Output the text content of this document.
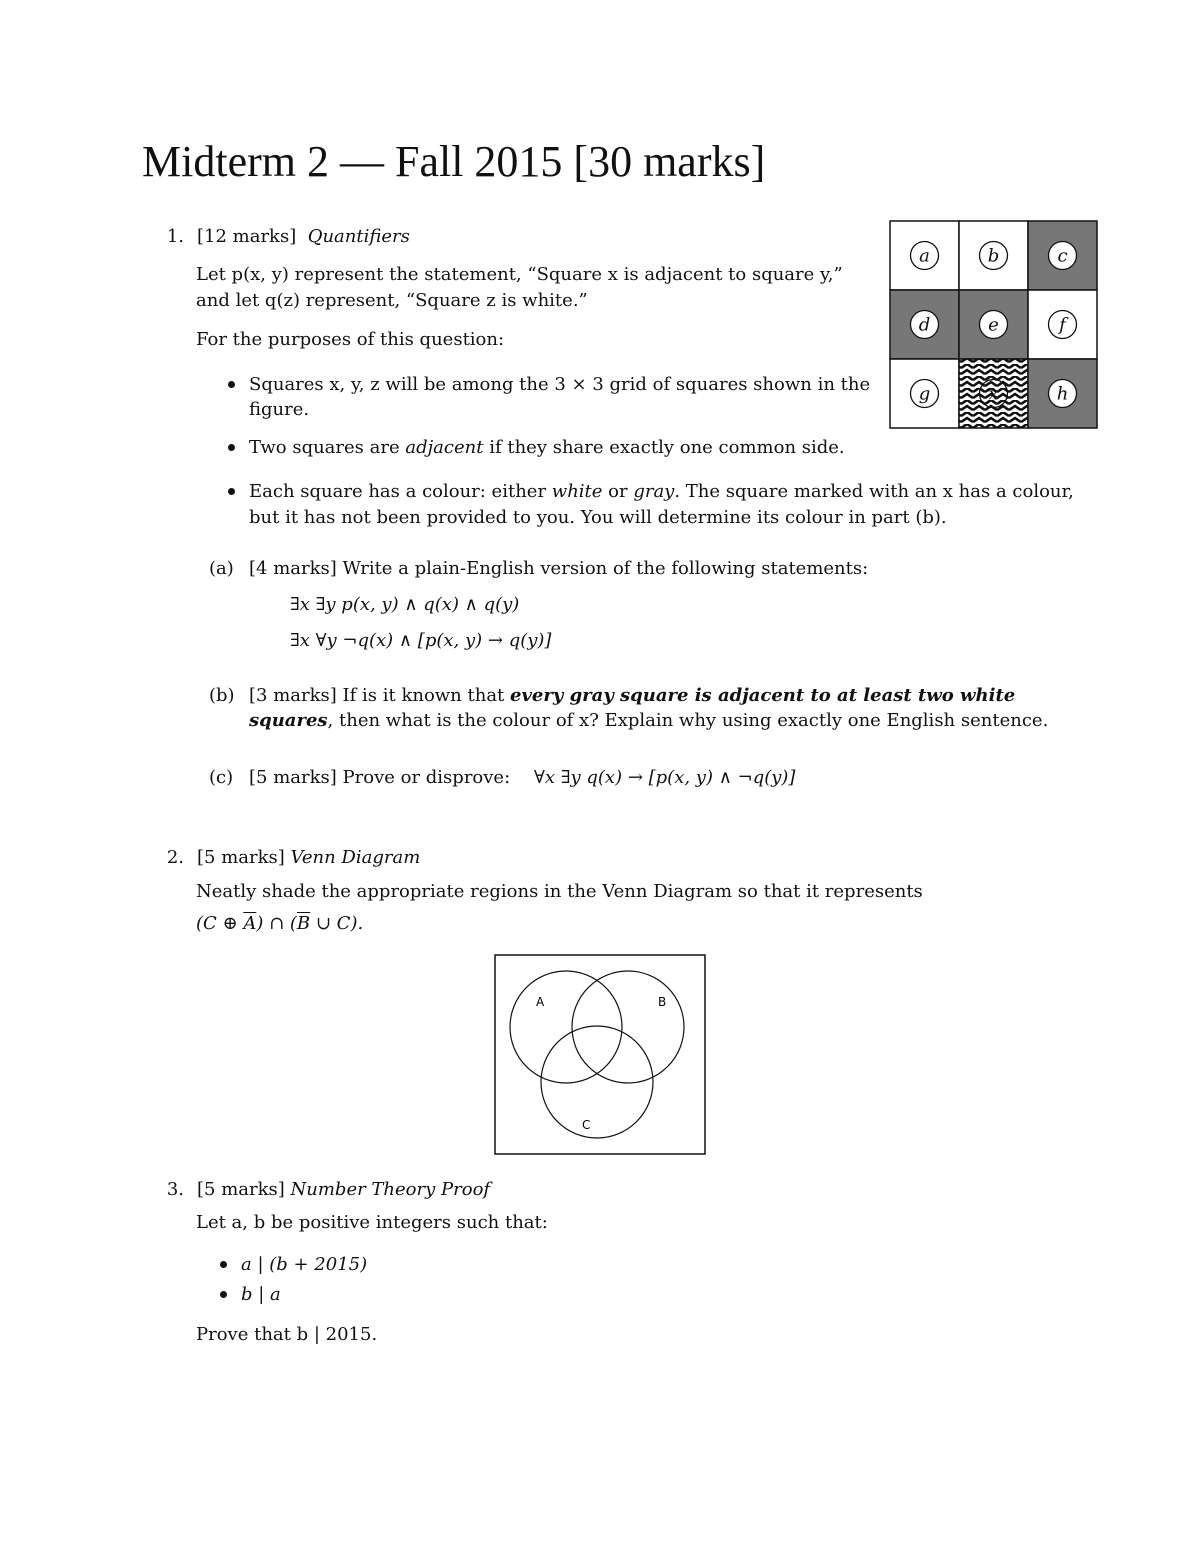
Midterm 2 — Fall 2015 [30 marks]
1. [12 marks] Quantifiers
Let p(x, y) represent the statement, “Square x is adjacent to square y,”
and let q(z) represent, “Square z is white.”
For the purposes of this question:
Squares x, y, z will be among the 3 × 3 grid of squares shown in the
figure.
Two squares are adjacent if they share exactly one common side.
Each square has a colour: either white or gray. The square marked with an x has a colour,
but it has not been provided to you. You will determine its colour in part (b).
a	b	c
d	e	f
g	x	h
(a) [4 marks] Write a plain-English version of the following statements:
∃x ∃y p(x, y) ∧ q(x) ∧ q(y)
∃x ∀y ¬q(x) ∧ [p(x, y) → q(y)]
(b) [3 marks] If is it known that every gray square is adjacent to at least two white
squares, then what is the colour of x? Explain why using exactly one English sentence.
(c) [5 marks] Prove or disprove: ∀x ∃y q(x) → [p(x, y) ∧ ¬q(y)]
2. [5 marks] Venn Diagram
Neatly shade the appropriate regions in the Venn Diagram so that it represents
(C ⊕ $\overline{A}$) ∩ ($\overline{B}$ ∪ C).
A	B
C
3. [5 marks] Number Theory Proof
Let a, b be positive integers such that:
a | (b + 2015)
b | a
Prove that b | 2015.
